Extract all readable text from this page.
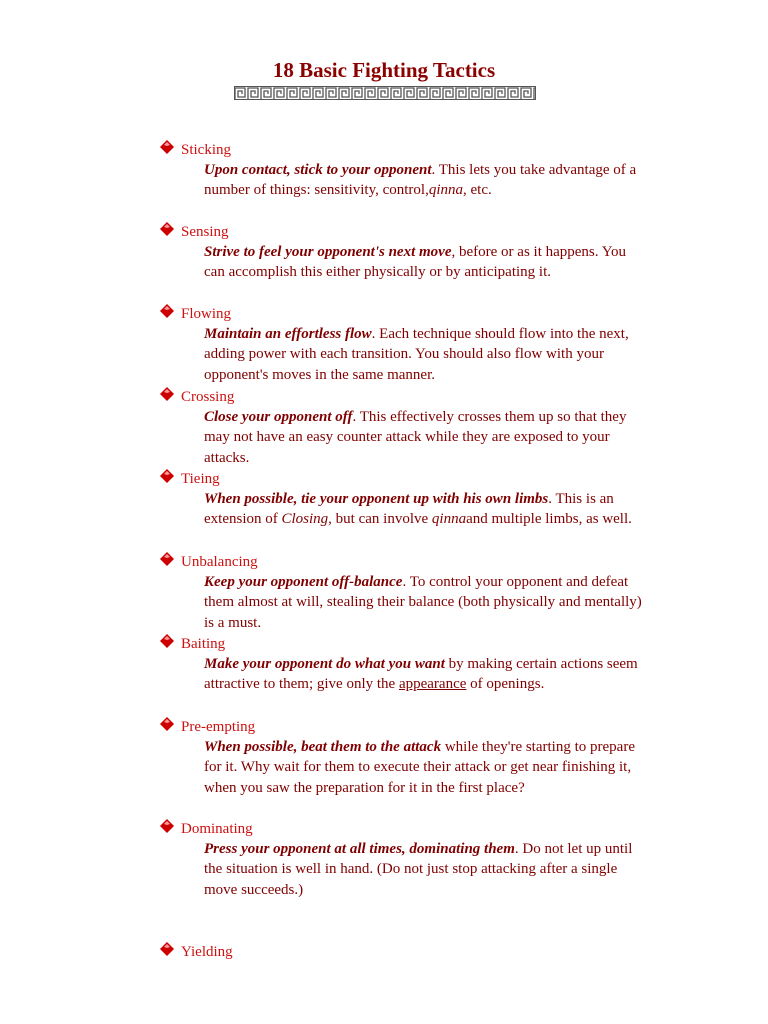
18 Basic Fighting Tactics
Sticking
Upon contact, stick to your opponent. This lets you take advantage of a number of things: sensitivity, control,qinna, etc.
Sensing
Strive to feel your opponent's next move, before or as it happens. You can accomplish this either physically or by anticipating it.
Flowing
Maintain an effortless flow. Each technique should flow into the next, adding power with each transition. You should also flow with your opponent's moves in the same manner.
Crossing
Close your opponent off. This effectively crosses them up so that they may not have an easy counter attack while they are exposed to your attacks.
Tieing
When possible, tie your opponent up with his own limbs. This is an extension of Closing, but can involve qinnaand multiple limbs, as well.
Unbalancing
Keep your opponent off-balance. To control your opponent and defeat them almost at will, stealing their balance (both physically and mentally) is a must.
Baiting
Make your opponent do what you want by making certain actions seem attractive to them; give only the appearance of openings.
Pre-empting
When possible, beat them to the attack while they're starting to prepare for it. Why wait for them to execute their attack or get near finishing it, when you saw the preparation for it in the first place?
Dominating
Press your opponent at all times, dominating them. Do not let up until the situation is well in hand. (Do not just stop attacking after a single move succeeds.)
Yielding
